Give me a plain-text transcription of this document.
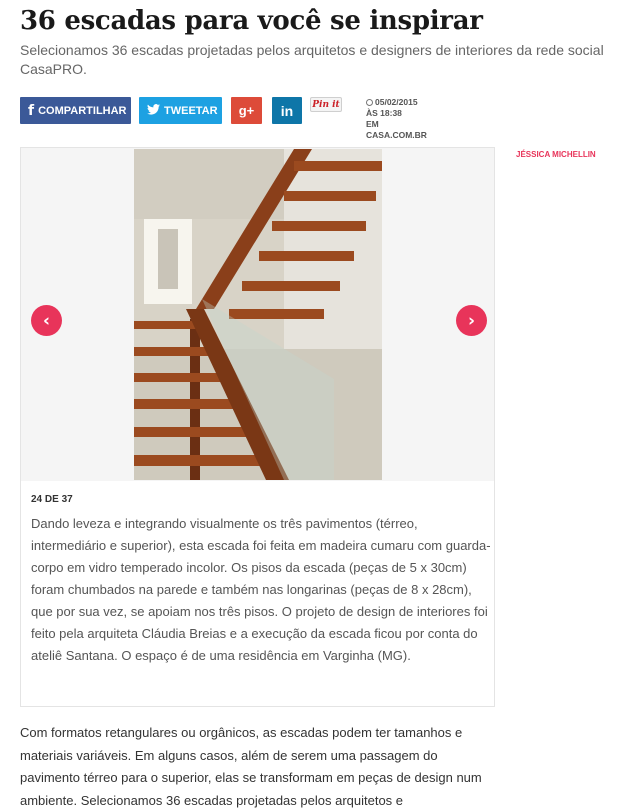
36 escadas para você se inspirar

Selecionamos 36 escadas projetadas pelos arquitetos e designers de interiores da rede social CasaPRO.

f COMPARTILHAR	TWEETAR	g+	in	Pin it	05/02/2015 ÀS 18:38
EM CASA.COM.BR
JÉSSICA MICHELLIN
‹	›
24 DE 37

Dando leveza e integrando visualmente os três pavimentos (térreo, intermediário e superior), esta escada foi feita em madeira cumaru com guarda-corpo em vidro temperado incolor. Os pisos da escada (peças de 5 x 30cm) foram chumbados na parede e também nas longarinas (peças de 8 x 28cm), que por sua vez, se apoiam nos três pisos. O projeto de design de interiores foi feito pela arquiteta Cláudia Breias e a execução da escada ficou por conta do ateliê Santana. O espaço é de uma residência em Varginha (MG).

Com formatos retangulares ou orgânicos, as escadas podem ter tamanhos e materiais variáveis. Em alguns casos, além de serem uma passagem do pavimento térreo para o superior, elas se transformam em peças de design num ambiente. Selecionamos 36 escadas projetadas pelos arquitetos e
